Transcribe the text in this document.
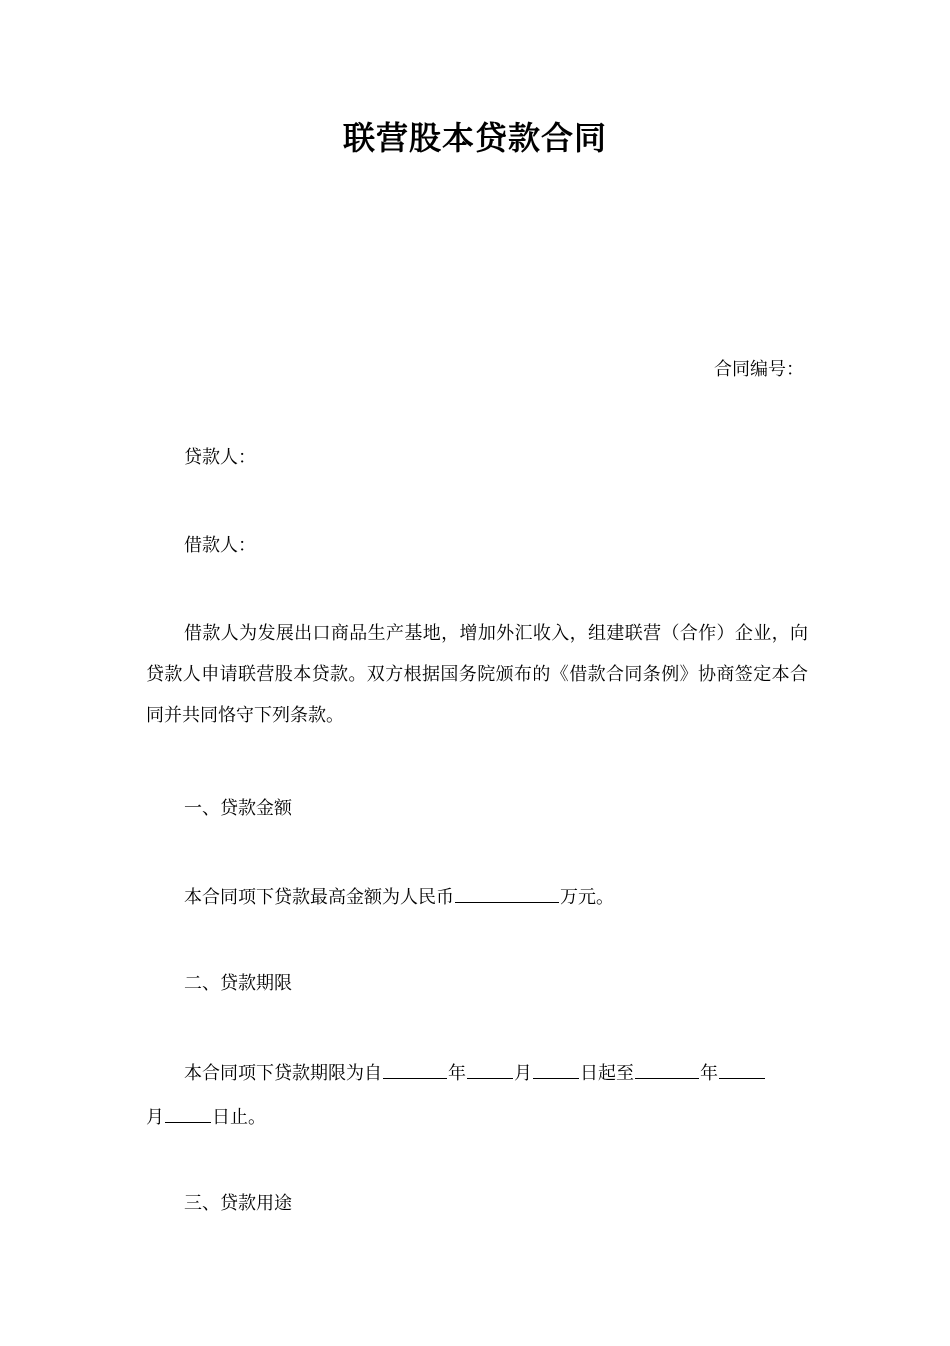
联营股本贷款合同
合同编号：
贷款人：
借款人：
借款人为发展出口商品生产基地，增加外汇收入，组建联营（合作）企业，向贷款人申请联营股本贷款。双方根据国务院颁布的《借款合同条例》协商签定本合同并共同恪守下列条款。
一、贷款金额
本合同项下贷款最高金额为人民币	万元。
二、贷款期限
本合同项下贷款期限为自	年	月	日起至	年
月	日止。
三、贷款用途
